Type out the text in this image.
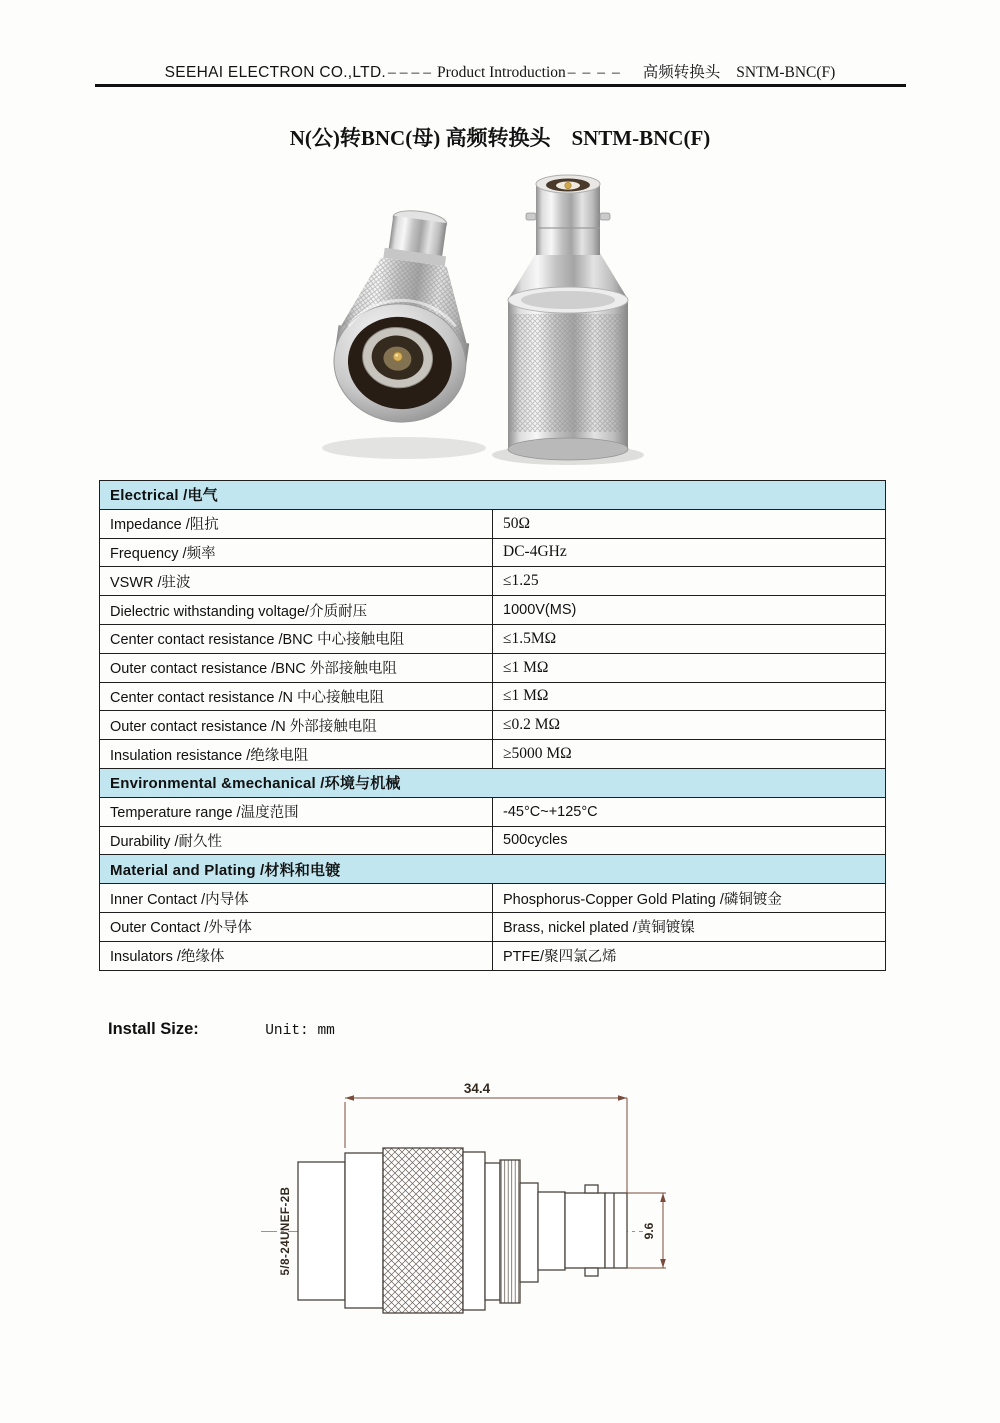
SEEHAI ELECTRON CO.,LTD. –––– Product Introduction –––– 高频转换头 SNTM-BNC(F)
N(公)转BNC(母) 高频转换头    SNTM-BNC(F)
Electrical /电气	
Impedance /阻抗	50Ω
Frequency /频率	DC-4GHz
VSWR /驻波	≤1.25
Dielectric withstanding voltage/介质耐压	1000V(MS)
Center contact resistance /BNC 中心接触电阻	≤1.5MΩ
Outer contact resistance /BNC 外部接触电阻	≤1 MΩ
Center contact resistance /N 中心接触电阻	≤1 MΩ
Outer contact resistance /N 外部接触电阻	≤0.2 MΩ
Insulation resistance /绝缘电阻	≥5000 MΩ
Environmental &mechanical /环境与机械	
Temperature range /温度范围	-45°C~+125°C
Durability /耐久性	500cycles
Material and Plating /材料和电镀	
Inner Contact /内导体	Phosphorus-Copper Gold Plating /磷铜镀金
Outer Contact /外导体	Brass, nickel plated /黄铜镀镍
Insulators /绝缘体	PTFE/聚四氯乙烯
Install Size:	Unit: mm
34.4
9.6
5/8-24UNEF-2B
